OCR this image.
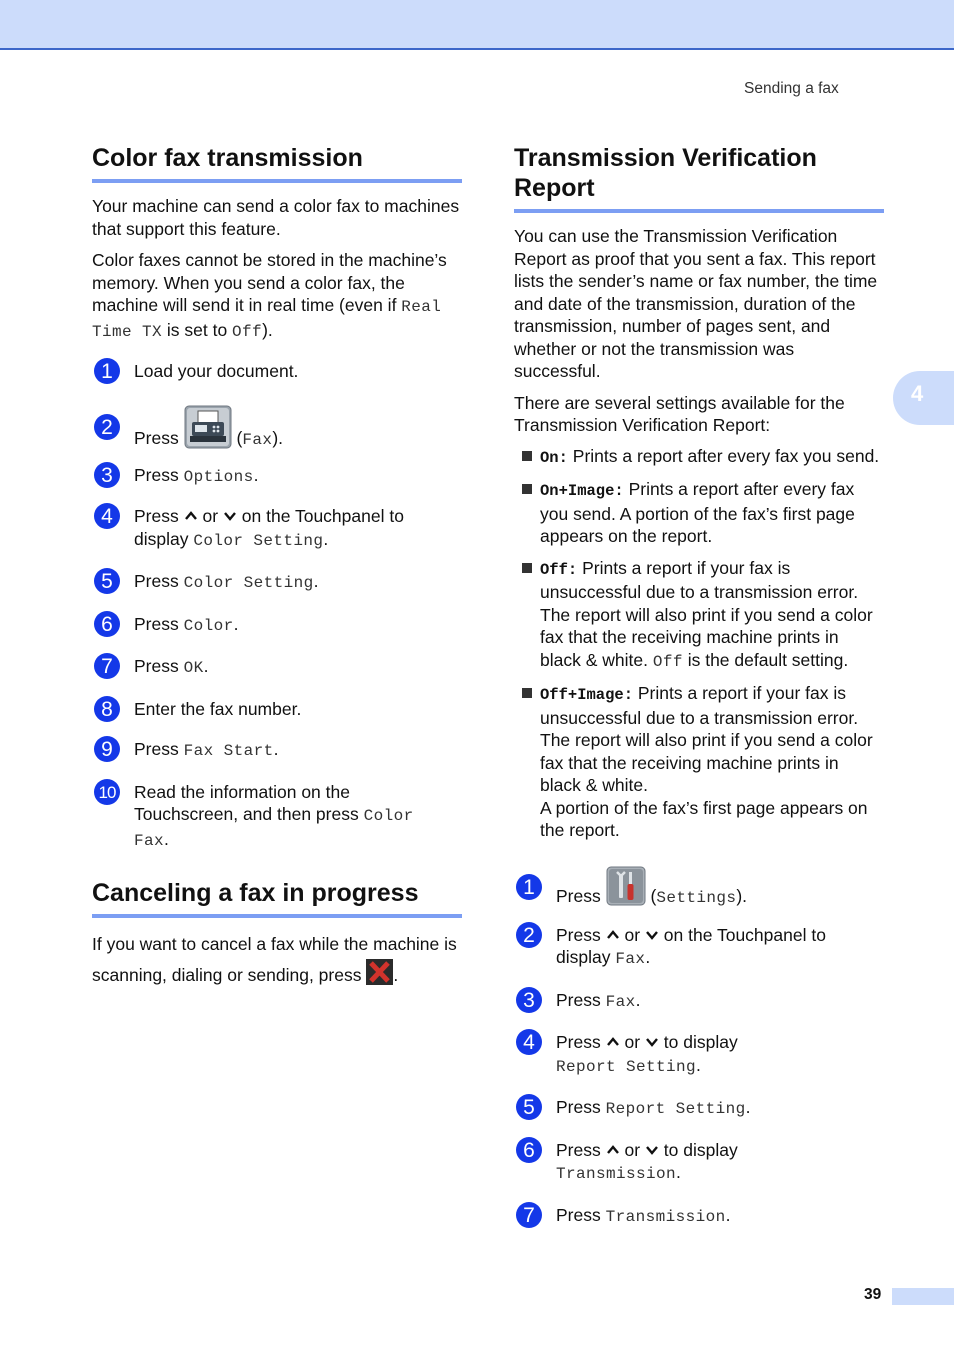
Sending a fax
4
Color fax transmission

Your machine can send a color fax to machines that support this feature.

Color faxes cannot be stored in the machine’s memory. When you send a color fax, the machine will send it in real time (even if Real Time TX is set to Off).

1	Load your document.
2	Press	(Fax).
3	Press Options.
4	Press  or  on the Touchpanel to display Color Setting.
5	Press Color Setting.
6	Press Color.
7	Press OK.
8	Enter the fax number.
9	Press Fax Start.
10 Read the information on the Touchscreen, and then press Color Fax.
Canceling a fax in progress

If you want to cancel a fax while the machine is scanning, dialing or sending, press .

Transmission Verification Report

You can use the Transmission Verification Report as proof that you sent a fax. This report lists the sender’s name or fax number, the time and date of the transmission, duration of the transmission, number of pages sent, and whether or not the transmission was successful.

There are several settings available for the Transmission Verification Report:

On: Prints a report after every fax you send.
On+Image: Prints a report after every fax you send. A portion of the fax’s first page appears on the report.
Off: Prints a report if your fax is unsuccessful due to a transmission error. The report will also print if you send a color fax that the receiving machine prints in black & white. Off is the default setting.
Off+Image: Prints a report if your fax is unsuccessful due to a transmission error. The report will also print if you send a color fax that the receiving machine prints in black & white.
A portion of the fax’s first page appears on the report.
1	Press  (Settings).
2	Press  or  on the Touchpanel to display Fax.
3	Press Fax.
4	Press  or  to display
Report Setting.
5	Press Report Setting.
6	Press  or  to display
Transmission.
7	Press Transmission.
39
